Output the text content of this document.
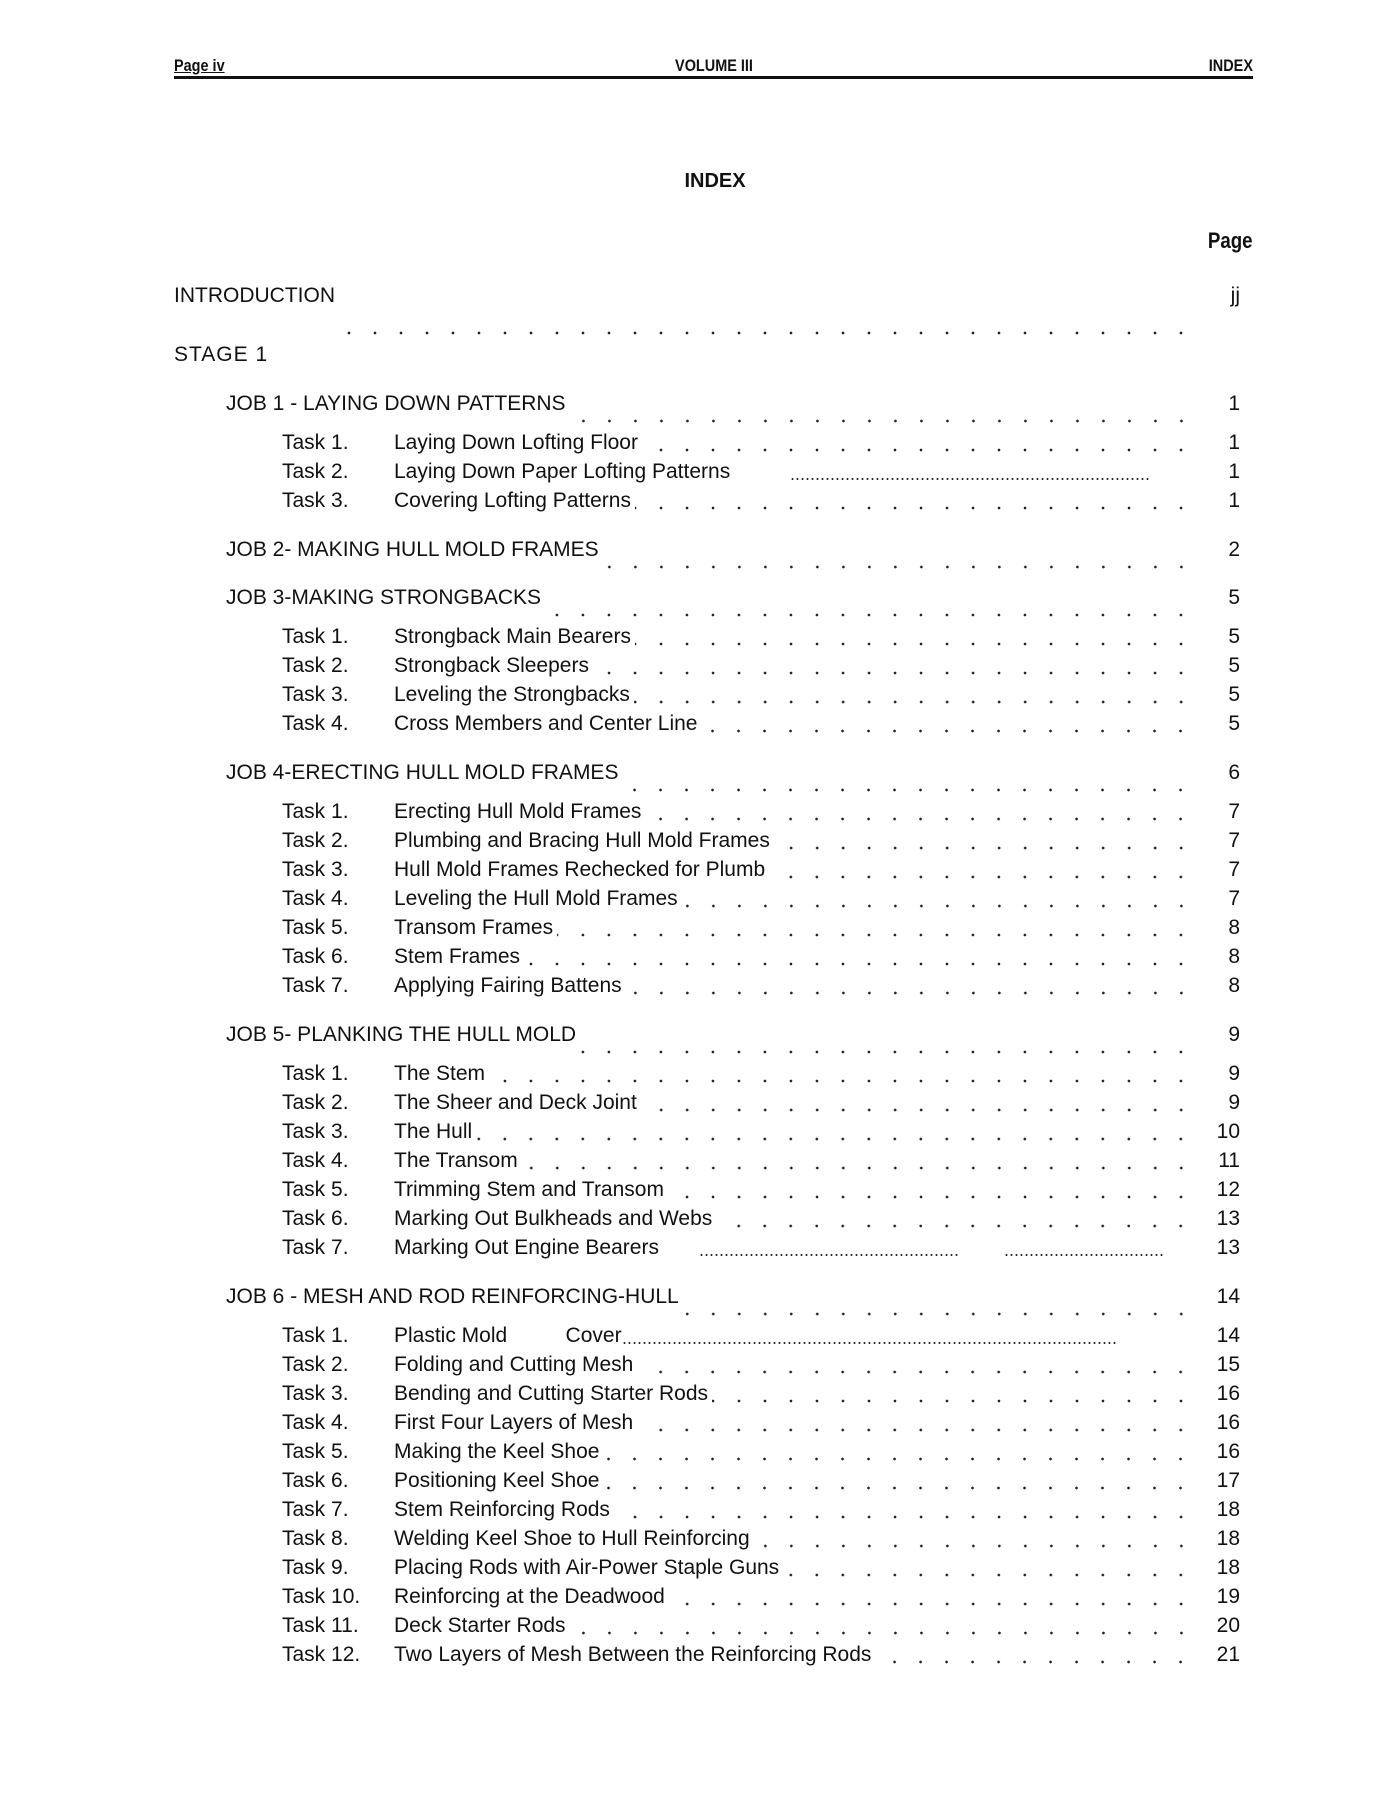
Page iv	VOLUME III	INDEX
INDEX
Page
INTRODUCTION	jj
STAGE 1
JOB 1 - LAYING DOWN PATTERNS	1
Task 1.	Laying Down Lofting Floor	1
Task 2.	Laying Down Paper Lofting Patterns	1
Task 3.	Covering Lofting Patterns	1
JOB 2- MAKING HULL MOLD FRAMES	2
JOB 3-MAKING STRONGBACKS	5
Task 1.	Strongback Main Bearers	5
Task 2.	Strongback Sleepers	5
Task 3.	Leveling the Strongbacks	5
Task 4.	Cross Members and Center Line	5
JOB 4-ERECTING HULL MOLD FRAMES	6
Task 1.	Erecting Hull Mold Frames	7
Task 2.	Plumbing and Bracing Hull Mold Frames	7
Task 3.	Hull Mold Frames Rechecked for Plumb	7
Task 4.	Leveling the Hull Mold Frames	7
Task 5.	Transom Frames	8
Task 6.	Stem Frames	8
Task 7.	Applying Fairing Battens	8
JOB 5- PLANKING THE HULL MOLD	9
Task 1.	The Stem	9
Task 2.	The Sheer and Deck Joint	9
Task 3.	The Hull	10
Task 4.	The Transom	11
Task 5.	Trimming Stem and Transom	12
Task 6.	Marking Out Bulkheads and Webs	13
Task 7.	Marking Out Engine Bearers	13
JOB 6 - MESH AND ROD REINFORCING-HULL	14
Task 1.	Plastic Mold          Cover	14
Task 2.	Folding and Cutting Mesh	15
Task 3.	Bending and Cutting Starter Rods	16
Task 4.	First Four Layers of Mesh	16
Task 5.	Making the Keel Shoe	16
Task 6.	Positioning Keel Shoe	17
Task 7.	Stem Reinforcing Rods	18
Task 8.	Welding Keel Shoe to Hull Reinforcing	18
Task 9.	Placing Rods with Air-Power Staple Guns	18
Task 10.	Reinforcing at the Deadwood	19
Task 11.	Deck Starter Rods	20
Task 12.	Two Layers of Mesh Between the Reinforcing Rods	21
